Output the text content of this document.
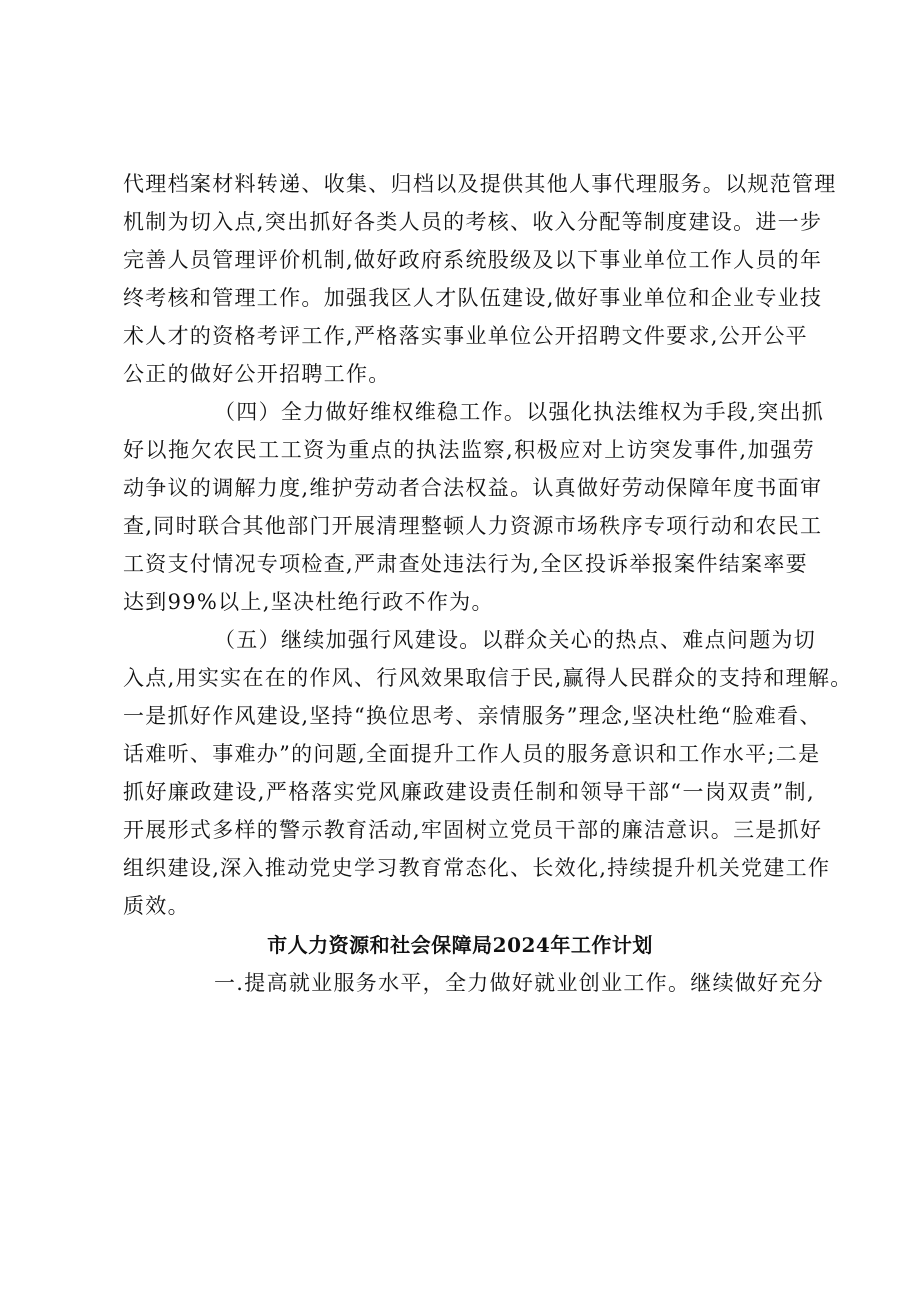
代理档案材料转递、收集、归档以及提供其他人事代理服务。以规范管理
机制为切入点,突出抓好各类人员的考核、收入分配等制度建设。进一步
完善人员管理评价机制,做好政府系统股级及以下事业单位工作人员的年
终考核和管理工作。加强我区人才队伍建设,做好事业单位和企业专业技
术人才的资格考评工作,严格落实事业单位公开招聘文件要求,公开公平
公正的做好公开招聘工作。
（四）全力做好维权维稳工作。以强化执法维权为手段,突出抓
好以拖欠农民工工资为重点的执法监察,积极应对上访突发事件,加强劳
动争议的调解力度,维护劳动者合法权益。认真做好劳动保障年度书面审
查,同时联合其他部门开展清理整顿人力资源市场秩序专项行动和农民工
工资支付情况专项检查,严肃查处违法行为,全区投诉举报案件结案率要
达到99%以上,坚决杜绝行政不作为。
（五）继续加强行风建设。以群众关心的热点、难点问题为切
入点,用实实在在的作风、行风效果取信于民,赢得人民群众的支持和理解。
一是抓好作风建设,坚持“换位思考、亲情服务”理念,坚决杜绝“脸难看、
话难听、事难办”的问题,全面提升工作人员的服务意识和工作水平;二是
抓好廉政建设,严格落实党风廉政建设责任制和领导干部“一岗双责”制,
开展形式多样的警示教育活动,牢固树立党员干部的廉洁意识。三是抓好
组织建设,深入推动党史学习教育常态化、长效化,持续提升机关党建工作
质效。
市人力资源和社会保障局2024年工作计划
一.提高就业服务水平，全力做好就业创业工作。继续做好充分
